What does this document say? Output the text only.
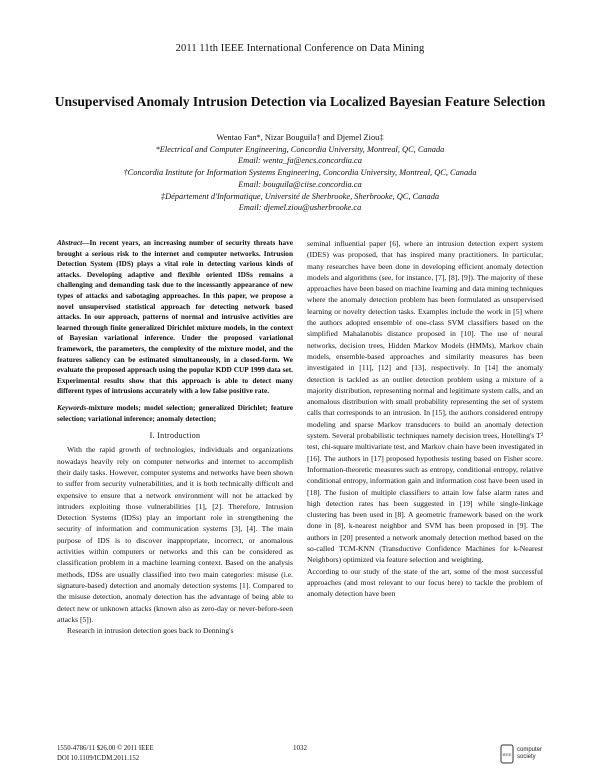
2011 11th IEEE International Conference on Data Mining
Unsupervised Anomaly Intrusion Detection via Localized Bayesian Feature Selection
Wentao Fan*, Nizar Bouguila† and Djemel Ziou‡
*Electrical and Computer Engineering, Concordia University, Montreal, QC, Canada
Email: wenta_fa@encs.concordia.ca
†Concordia Institute for Information Systems Engineering, Concordia University, Montreal, QC, Canada
Email: bouguila@ciise.concordia.ca
‡Département d'Informatique, Université de Sherbrooke, Sherbrooke, QC, Canada
Email: djemel.ziou@usherbrooke.ca
Abstract—In recent years, an increasing number of security threats have brought a serious risk to the internet and computer networks. Intrusion Detection System (IDS) plays a vital role in detecting various kinds of attacks. Developing adaptive and flexible oriented IDSs remains a challenging and demanding task due to the incessantly appearance of new types of attacks and sabotaging approaches. In this paper, we propose a novel unsupervised statistical approach for detecting network based attacks. In our approach, patterns of normal and intrusive activities are learned through finite generalized Dirichlet mixture models, in the context of Bayesian variational inference. Under the proposed variational framework, the parameters, the complexity of the mixture model, and the features saliency can be estimated simultaneously, in a closed-form. We evaluate the proposed approach using the popular KDD CUP 1999 data set. Experimental results show that this approach is able to detect many different types of intrusions accurately with a low false positive rate.
Keywords-mixture models; model selection; generalized Dirichlet; feature selection; variational inference; anomaly detection;
I. Introduction

With the rapid growth of technologies, individuals and organizations nowadays heavily rely on computer networks and internet to accomplish their daily tasks. However, computer systems and networks have been shown to suffer from security vulnerabilities, and it is both technically difficult and expensive to ensure that a network environment will not be attacked by intruders exploiting those vulnerabilities [1], [2]. Therefore, Intrusion Detection Systems (IDSs) play an important role in strengthening the security of information and communication systems [3], [4]. The main purpose of IDS is to discover inappropriate, incorrect, or anomalous activities within computers or networks and this can be considered as classification problem in a machine learning context. Based on the analysis methods, IDSs are usually classified into two main categories: misuse (i.e. signature-based) detection and anomaly detection systems [1]. Compared to the misuse detection, anomaly detection has the advantage of being able to detect new or unknown attacks (known also as zero-day or never-before-seen attacks [5]).

Research in intrusion detection goes back to Denning's

seminal influential paper [6], where an intrusion detection expert system (IDES) was proposed, that has inspired many practitioners. In particular, many researches have been done in developing efficient anomaly detection models and algorithms (see, for instance, [7], [8], [9]). The majority of these approaches have been based on machine learning and data mining techniques where the anomaly detection problem has been formulated as unsupervised learning or novelty detection tasks. Examples include the work in [5] where the authors adopted ensemble of one-class SVM classifiers based on the simplified Mahalanobis distance proposed in [10]. The use of neural networks, decision trees, Hidden Markov Models (HMMs), Markov chain models, ensemble-based approaches and similarity measures has been investigated in [11], [12] and [13], respectively. In [14] the anomaly detection is tackled as an outlier detection problem using a mixture of a majority distribution, representing normal and legitimate system calls, and an anomalous distribution with small probability representing the set of system calls that corresponds to an intrusion. In [15], the authors considered entropy modeling and sparse Markov transducers to build an anomaly detection system. Several probabilistic techniques namely decision trees, Hotelling's T² test, chi-square multivariate test, and Markov chain have been investigated in [16]. The authors in [17] proposed hypothesis testing based on Fisher score. Information-theoretic measures such as entropy, conditional entropy, relative conditional entropy, information gain and information cost have been used in [18]. The fusion of multiple classifiers to attain low false alarm rates and high detection rates has been suggested in [19] while single-linkage clustering has been used in [8]. A geometric framework based on the work done in [8], k-nearest neighbor and SVM has been proposed in [9]. The authors in [20] presented a network anomaly detection method based on the so-called TCM-KNN (Transductive Confidence Machines for k-Nearest Neighbors) optimized via feature selection and weighting.

According to our study of the state of the art, some of the most successful approaches (and most relevant to our focus here) to tackle the problem of anomaly detection have been

1550-4786/11 $26.00 © 2011 IEEE
DOI 10.1109/ICDM.2011.152
1032
IEEE
computer
society
